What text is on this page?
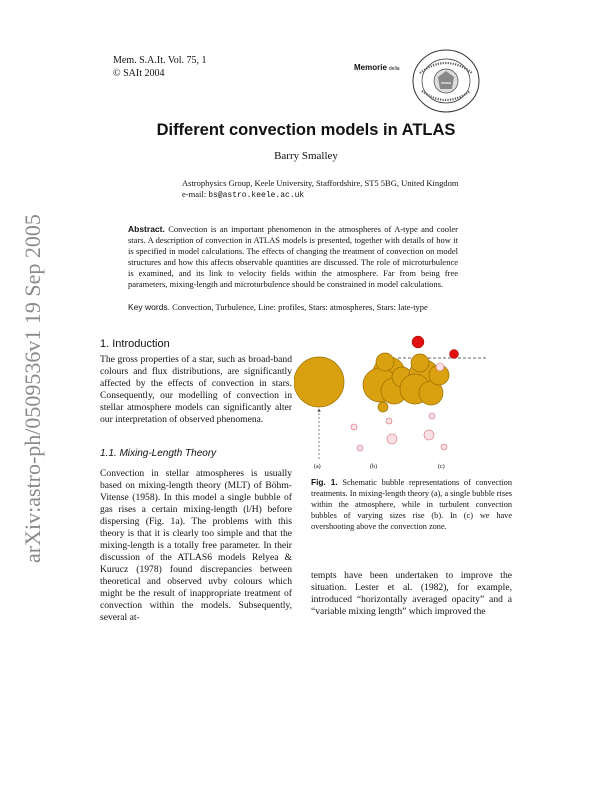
arXiv:astro-ph/0509536v1 19 Sep 2005
Mem. S.A.It. Vol. 75, 1
© SAIt 2004
Memorie della
Different convection models in ATLAS
Barry Smalley
Astrophysics Group, Keele University, Staffordshire, ST5 5BG, United Kingdom
e-mail: bs@astro.keele.ac.uk
Abstract. Convection is an important phenomenon in the atmospheres of A-type and cooler stars. A description of convection in ATLAS models is presented, together with details of how it is specified in model calculations. The effects of changing the treatment of convection on model structures and how this affects observable quantities are discussed. The role of microturbulence is examined, and its link to velocity fields within the atmosphere. Far from being free parameters, mixing-length and microturbulence should be constrained in model calculations.
Key words. Convection, Turbulence, Line: profiles, Stars: atmospheres, Stars: late-type
1. Introduction
The gross properties of a star, such as broad-band colours and flux distributions, are significantly affected by the effects of convection in stars. Consequently, our modelling of convection in stellar atmosphere models can significantly alter our interpretation of observed phenomena.
1.1. Mixing-Length Theory
Convection in stellar atmospheres is usually based on mixing-length theory (MLT) of Böhm-Vitense (1958). In this model a single bubble of gas rises a certain mixing-length (l/H) before dispersing (Fig. 1a). The problems with this theory is that it is clearly too simple and that the mixing-length is a totally free parameter. In their discussion of the ATLAS6 models Relyea & Kurucz (1978) found discrepancies between theoretical and observed uvby colours which might be the result of inappropriate treatment of convection within the models. Subsequently, several at-
(a)	(b)	(c)
Fig. 1. Schematic bubble representations of convection treatments. In mixing-length theory (a), a single bubble rises within the atmosphere, while in turbulent convection bubbles of varying sizes rise (b). In (c) we have overshooting above the convection zone.
tempts have been undertaken to improve the situation. Lester et al. (1982), for example, introduced “horizontally averaged opacity” and a “variable mixing length” which improved the
